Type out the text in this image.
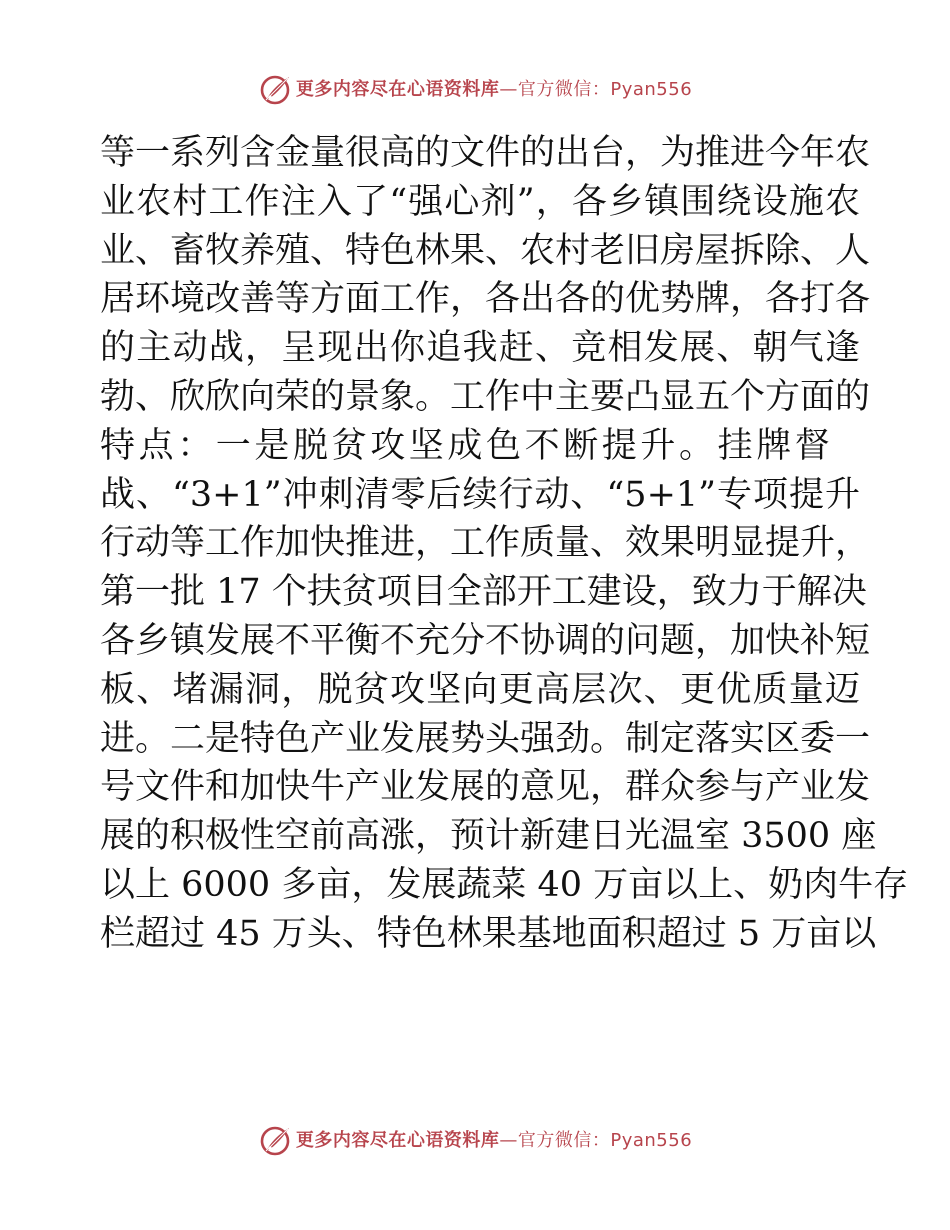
更多内容尽在心语资料库 —官方微信：Pyan556
等一系列含金量很高的文件的出台，为推进今年农
业农村工作注入了“强心剂”，各乡镇围绕设施农
业、畜牧养殖、特色林果、农村老旧房屋拆除、人
居环境改善等方面工作，各出各的优势牌，各打各
的主动战，呈现出你追我赶、竞相发展、朝气逢
勃、欣欣向荣的景象。工作中主要凸显五个方面的
特点：一是脱贫攻坚成色不断提升。挂牌督
战、“3+1”冲刺清零后续行动、“5+1”专项提升
行动等工作加快推进，工作质量、效果明显提升，
第一批 17 个扶贫项目全部开工建设，致力于解决
各乡镇发展不平衡不充分不协调的问题，加快补短
板、堵漏洞，脱贫攻坚向更高层次、更优质量迈
进。二是特色产业发展势头强劲。制定落实区委一
号文件和加快牛产业发展的意见，群众参与产业发
展的积极性空前高涨，预计新建日光温室 3500 座
以上 6000 多亩，发展蔬菜 40 万亩以上、奶肉牛存
栏超过 45 万头、特色林果基地面积超过 5 万亩以
更多内容尽在心语资料库 —官方微信：Pyan556
